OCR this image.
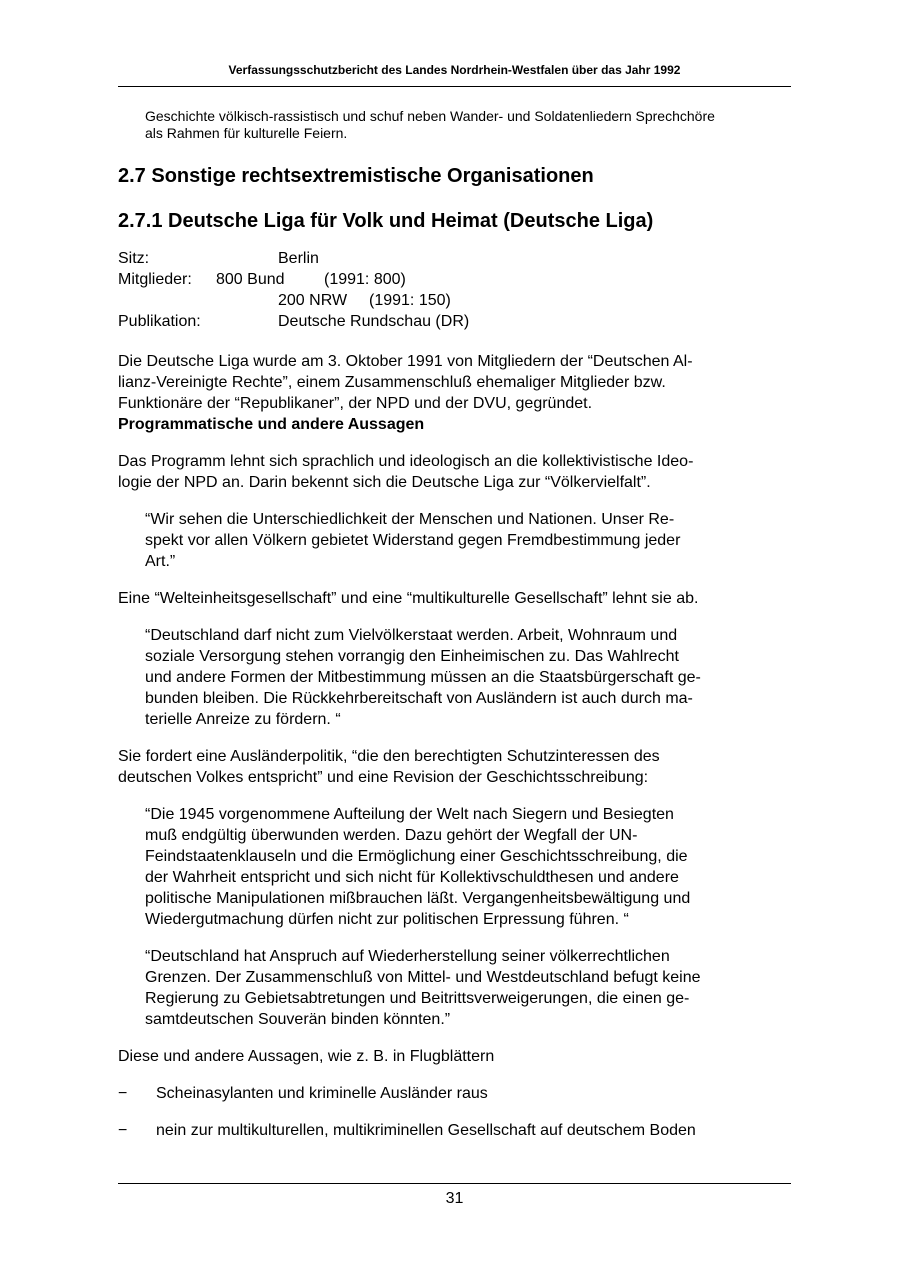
Verfassungsschutzbericht des Landes Nordrhein-Westfalen über das Jahr 1992
Geschichte völkisch-rassistisch und schuf neben Wander- und Soldatenliedern Sprechchöre
als Rahmen für kulturelle Feiern.
2.7 Sonstige rechtsextremistische Organisationen
2.7.1 Deutsche Liga für Volk und Heimat (Deutsche Liga)
Sitz:	Berlin
Mitglieder: 800 Bund (1991: 800)
200 NRW (1991: 150)
Publikation:	Deutsche Rundschau (DR)
Die Deutsche Liga wurde am 3. Oktober 1991 von Mitgliedern der “Deutschen Al-
lianz-Vereinigte Rechte”, einem Zusammenschluß ehemaliger Mitglieder bzw.
Funktionäre der “Republikaner”, der NPD und der DVU, gegründet.
Programmatische und andere Aussagen
Das Programm lehnt sich sprachlich und ideologisch an die kollektivistische Ideo-
logie der NPD an. Darin bekennt sich die Deutsche Liga zur “Völkervielfalt”.
“Wir sehen die Unterschiedlichkeit der Menschen und Nationen. Unser Re-
spekt vor allen Völkern gebietet Widerstand gegen Fremdbestimmung jeder
Art.”
Eine “Welteinheitsgesellschaft” und eine “multikulturelle Gesellschaft” lehnt sie ab.
“Deutschland darf nicht zum Vielvölkerstaat werden. Arbeit, Wohnraum und
soziale Versorgung stehen vorrangig den Einheimischen zu. Das Wahlrecht
und andere Formen der Mitbestimmung müssen an die Staatsbürgerschaft ge-
bunden bleiben. Die Rückkehrbereitschaft von Ausländern ist auch durch ma-
terielle Anreize zu fördern. “
Sie fordert eine Ausländerpolitik, “die den berechtigten Schutzinteressen des
deutschen Volkes entspricht” und eine Revision der Geschichtsschreibung:
“Die 1945 vorgenommene Aufteilung der Welt nach Siegern und Besiegten
muß endgültig überwunden werden. Dazu gehört der Wegfall der UN-
Feindstaatenklauseln und die Ermöglichung einer Geschichtsschreibung, die
der Wahrheit entspricht und sich nicht für Kollektivschuldthesen und andere
politische Manipulationen mißbrauchen läßt. Vergangenheitsbewältigung und
Wiedergutmachung dürfen nicht zur politischen Erpressung führen. “
“Deutschland hat Anspruch auf Wiederherstellung seiner völkerrechtlichen
Grenzen. Der Zusammenschluß von Mittel- und Westdeutschland befugt keine
Regierung zu Gebietsabtretungen und Beitrittsverweigerungen, die einen ge-
samtdeutschen Souverän binden könnten.”
Diese und andere Aussagen, wie z. B. in Flugblättern
− Scheinasylanten und kriminelle Ausländer raus
− nein zur multikulturellen, multikriminellen Gesellschaft auf deutschem Boden
31
